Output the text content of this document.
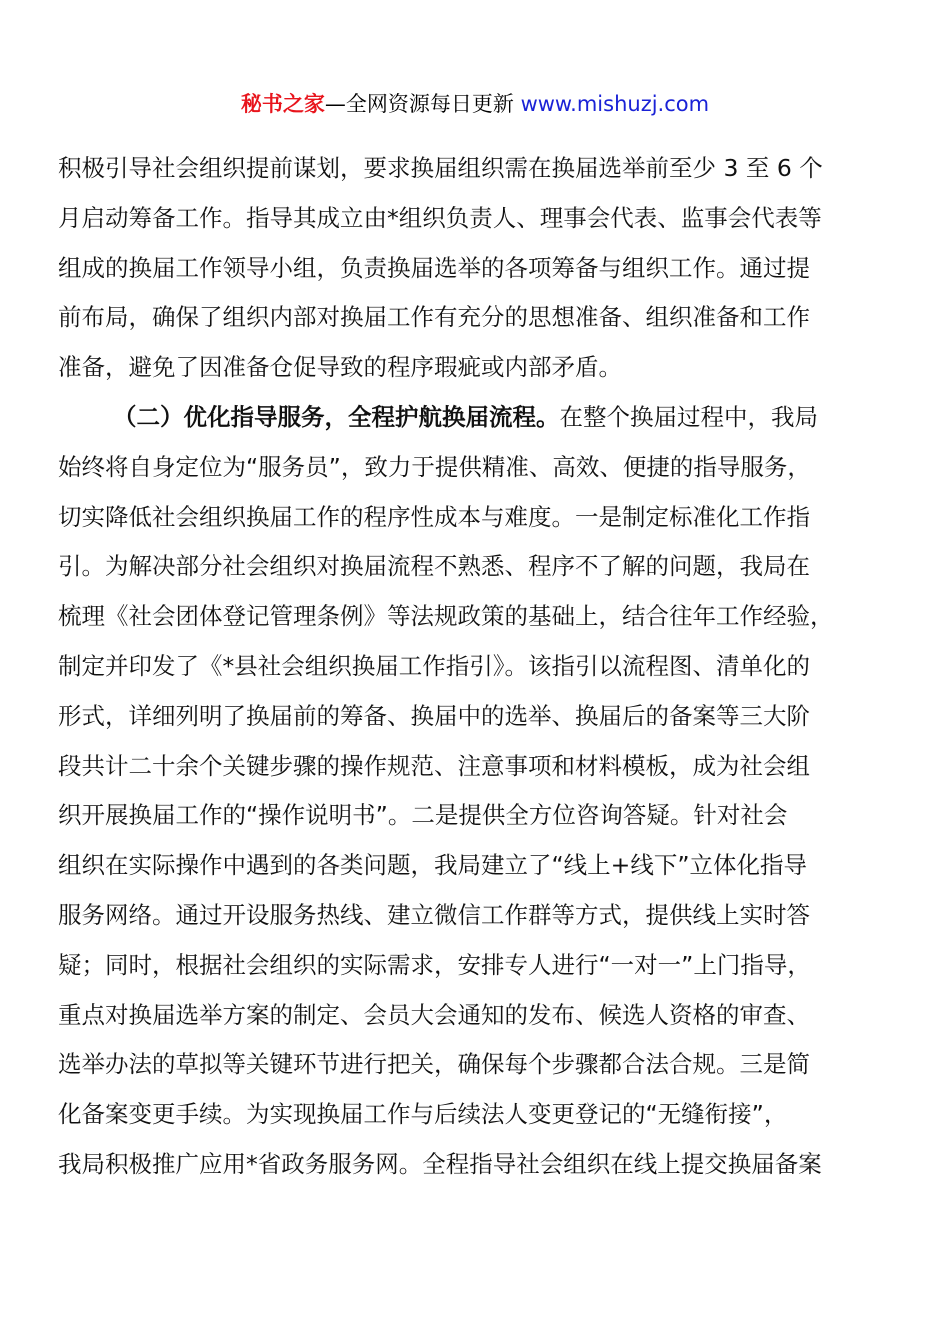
秘书之家—全网资源每日更新 www.mishuzj.com
积极引导社会组织提前谋划，要求换届组织需在换届选举前至少 3 至 6 个
月启动筹备工作。指导其成立由*组织负责人、理事会代表、监事会代表等
组成的换届工作领导小组，负责换届选举的各项筹备与组织工作。通过提
前布局，确保了组织内部对换届工作有充分的思想准备、组织准备和工作
准备，避免了因准备仓促导致的程序瑕疵或内部矛盾。
（二）优化指导服务，全程护航换届流程。在整个换届过程中，我局
始终将自身定位为“服务员”，致力于提供精准、高效、便捷的指导服务，
切实降低社会组织换届工作的程序性成本与难度。一是制定标准化工作指
引。为解决部分社会组织对换届流程不熟悉、程序不了解的问题，我局在
梳理《社会团体登记管理条例》等法规政策的基础上，结合往年工作经验，
制定并印发了《*县社会组织换届工作指引》。该指引以流程图、清单化的
形式，详细列明了换届前的筹备、换届中的选举、换届后的备案等三大阶
段共计二十余个关键步骤的操作规范、注意事项和材料模板，成为社会组
织开展换届工作的“操作说明书”。二是提供全方位咨询答疑。针对社会
组织在实际操作中遇到的各类问题，我局建立了“线上+线下”立体化指导
服务网络。通过开设服务热线、建立微信工作群等方式，提供线上实时答
疑；同时，根据社会组织的实际需求，安排专人进行“一对一”上门指导，
重点对换届选举方案的制定、会员大会通知的发布、候选人资格的审查、
选举办法的草拟等关键环节进行把关，确保每个步骤都合法合规。三是简
化备案变更手续。为实现换届工作与后续法人变更登记的“无缝衔接”，
我局积极推广应用*省政务服务网。全程指导社会组织在线上提交换届备案
